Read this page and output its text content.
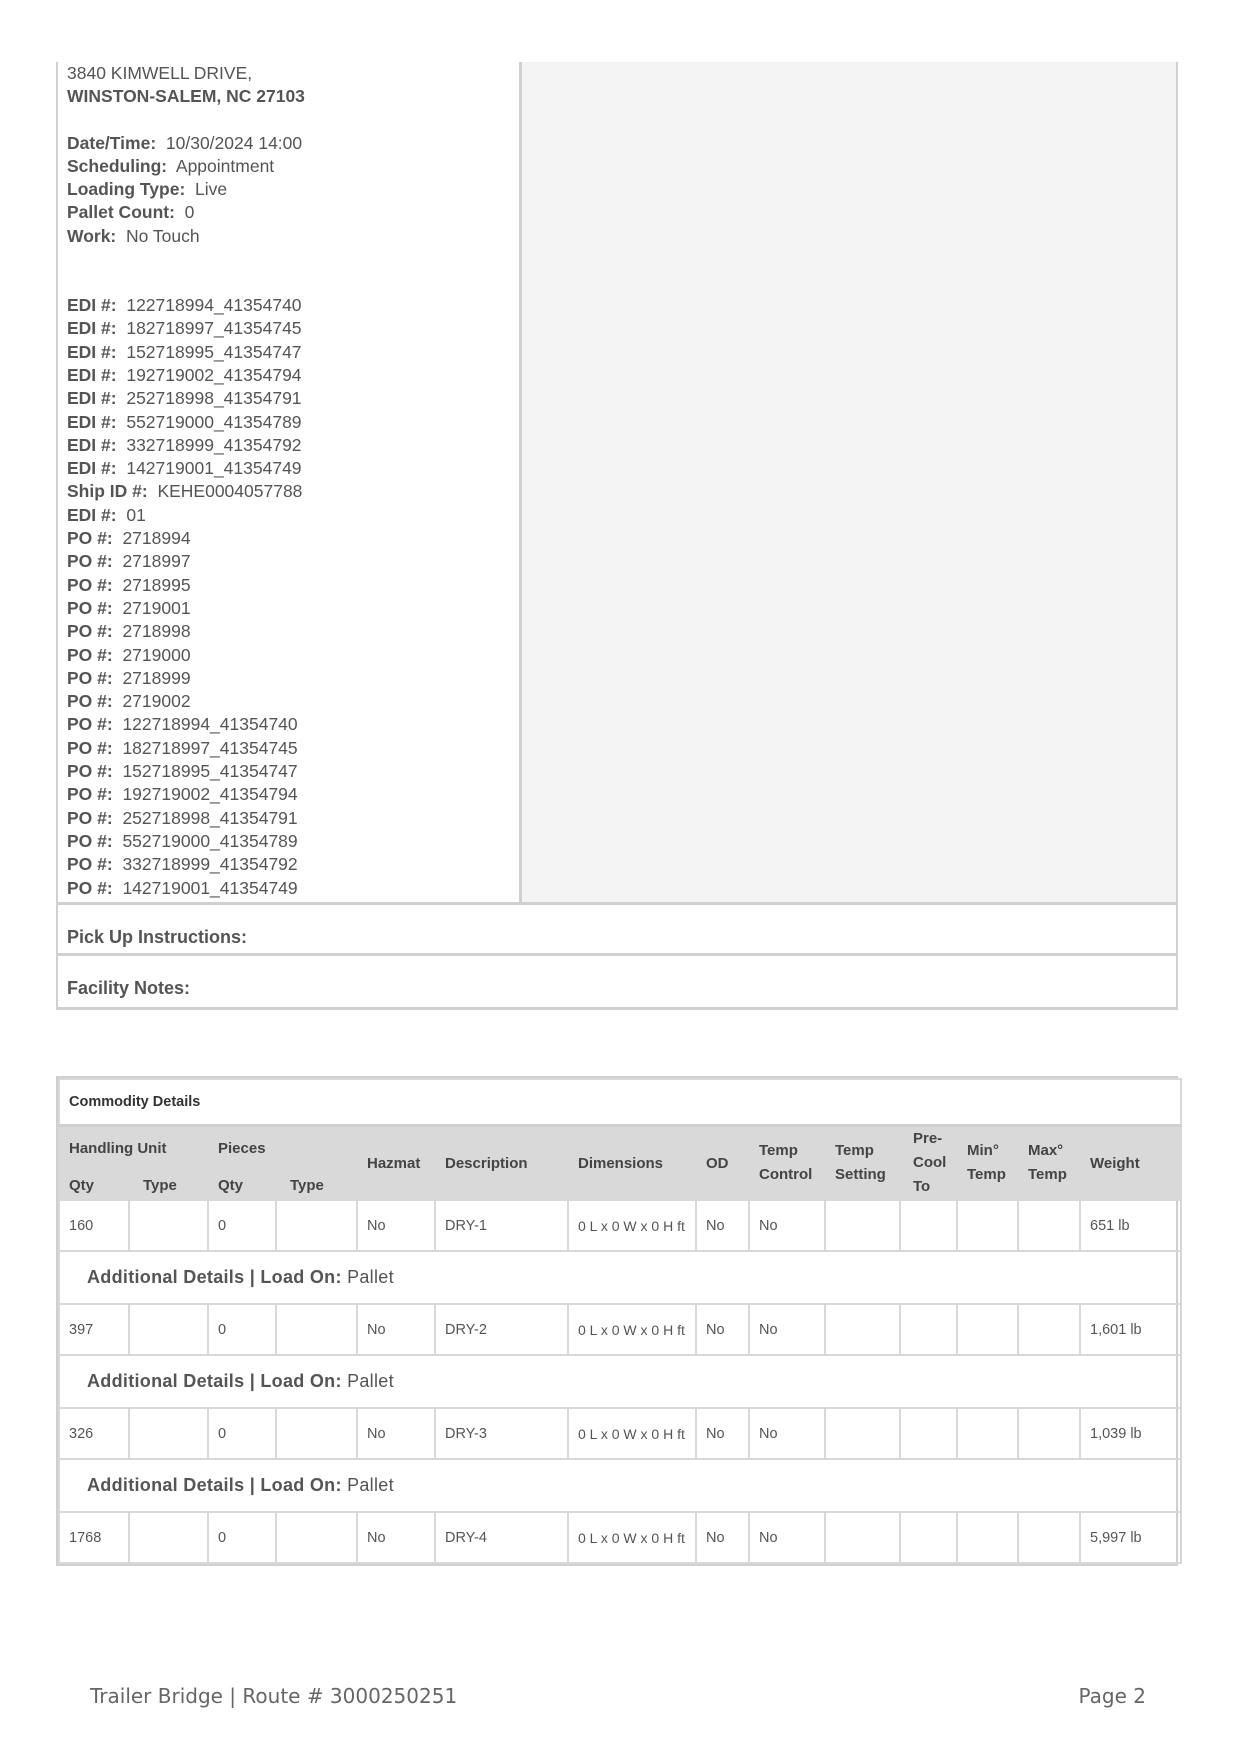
3840 KIMWELL DRIVE,
WINSTON-SALEM, NC 27103
Date/Time: 10/30/2024 14:00
Scheduling: Appointment
Loading Type: Live
Pallet Count: 0
Work: No Touch
EDI #: 122718994_41354740
EDI #: 182718997_41354745
EDI #: 152718995_41354747
EDI #: 192719002_41354794
EDI #: 252718998_41354791
EDI #: 552719000_41354789
EDI #: 332718999_41354792
EDI #: 142719001_41354749
Ship ID #: KEHE0004057788
EDI #: 01
PO #: 2718994
PO #: 2718997
PO #: 2718995
PO #: 2719001
PO #: 2718998
PO #: 2719000
PO #: 2718999
PO #: 2719002
PO #: 122718994_41354740
PO #: 182718997_41354745
PO #: 152718995_41354747
PO #: 192719002_41354794
PO #: 252718998_41354791
PO #: 552719000_41354789
PO #: 332718999_41354792
PO #: 142719001_41354749
Pick Up Instructions:
Facility Notes:
Commodity Details													
Handling Unit		Pieces		Hazmat	Description	Dimensions	OD	Temp Control	Temp Setting	Pre-Cool To	Min° Temp	Max° Temp	Weight
Qty	Type	Qty	Type										
160		0		No	DRY-1	0 L x 0 W x 0 H ft	No	No					651 lb
Additional Details | Load On: Pallet													
397		0		No	DRY-2	0 L x 0 W x 0 H ft	No	No					1,601 lb
Additional Details | Load On: Pallet													
326		0		No	DRY-3	0 L x 0 W x 0 H ft	No	No					1,039 lb
Additional Details | Load On: Pallet													
1768		0		No	DRY-4	0 L x 0 W x 0 H ft	No	No					5,997 lb
Trailer Bridge | Route # 3000250251	Page 2
